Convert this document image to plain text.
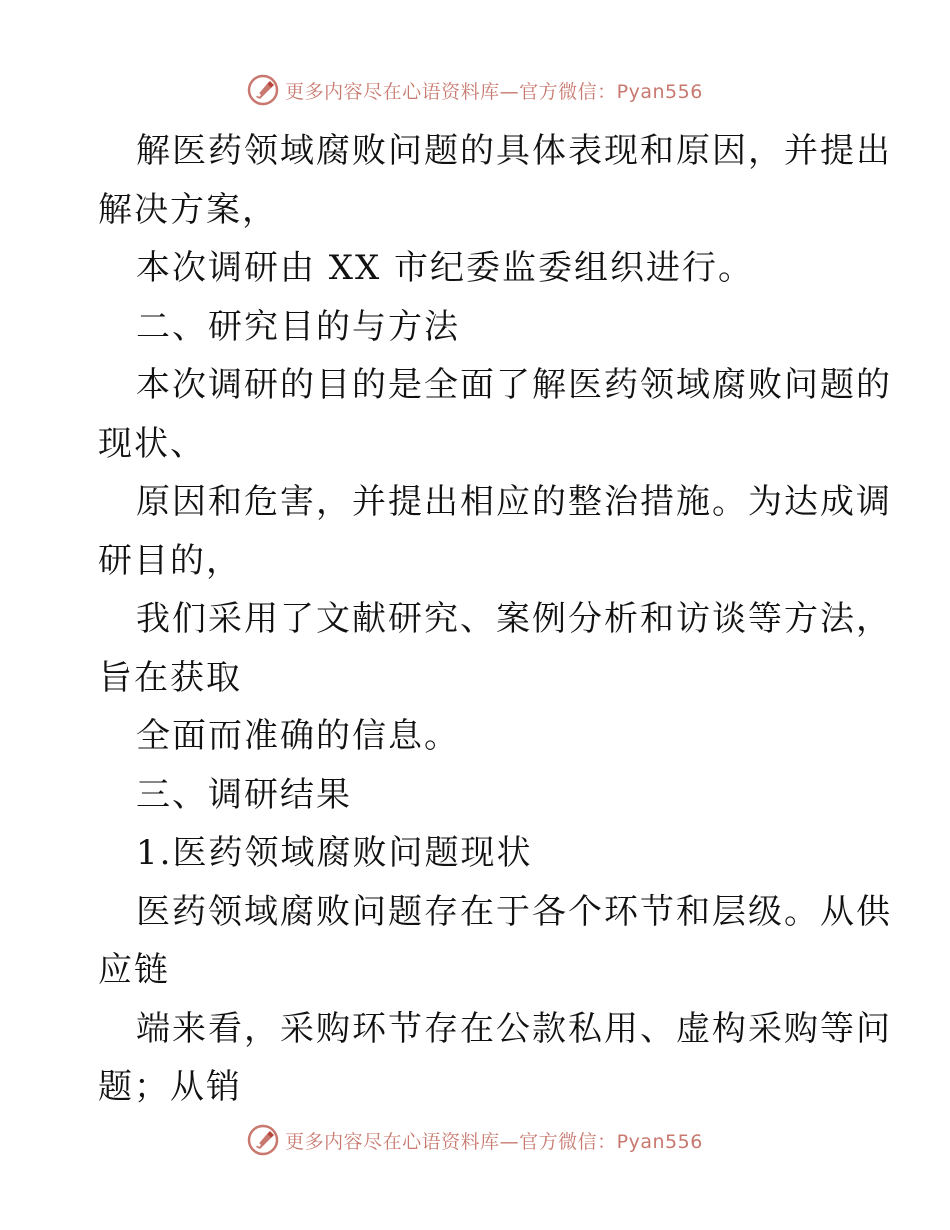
更多内容尽在心语资料库—官方微信：Pyan556
解医药领域腐败问题的具体表现和原因，并提出
解决方案，
本次调研由 XX 市纪委监委组织进行。
二、研究目的与方法
本次调研的目的是全面了解医药领域腐败问题的
现状、
原因和危害，并提出相应的整治措施。为达成调
研目的，
我们采用了文献研究、案例分析和访谈等方法，
旨在获取
全面而准确的信息。
三、调研结果
1.医药领域腐败问题现状
医药领域腐败问题存在于各个环节和层级。从供
应链
端来看，采购环节存在公款私用、虚构采购等问
题；从销
更多内容尽在心语资料库—官方微信：Pyan556
